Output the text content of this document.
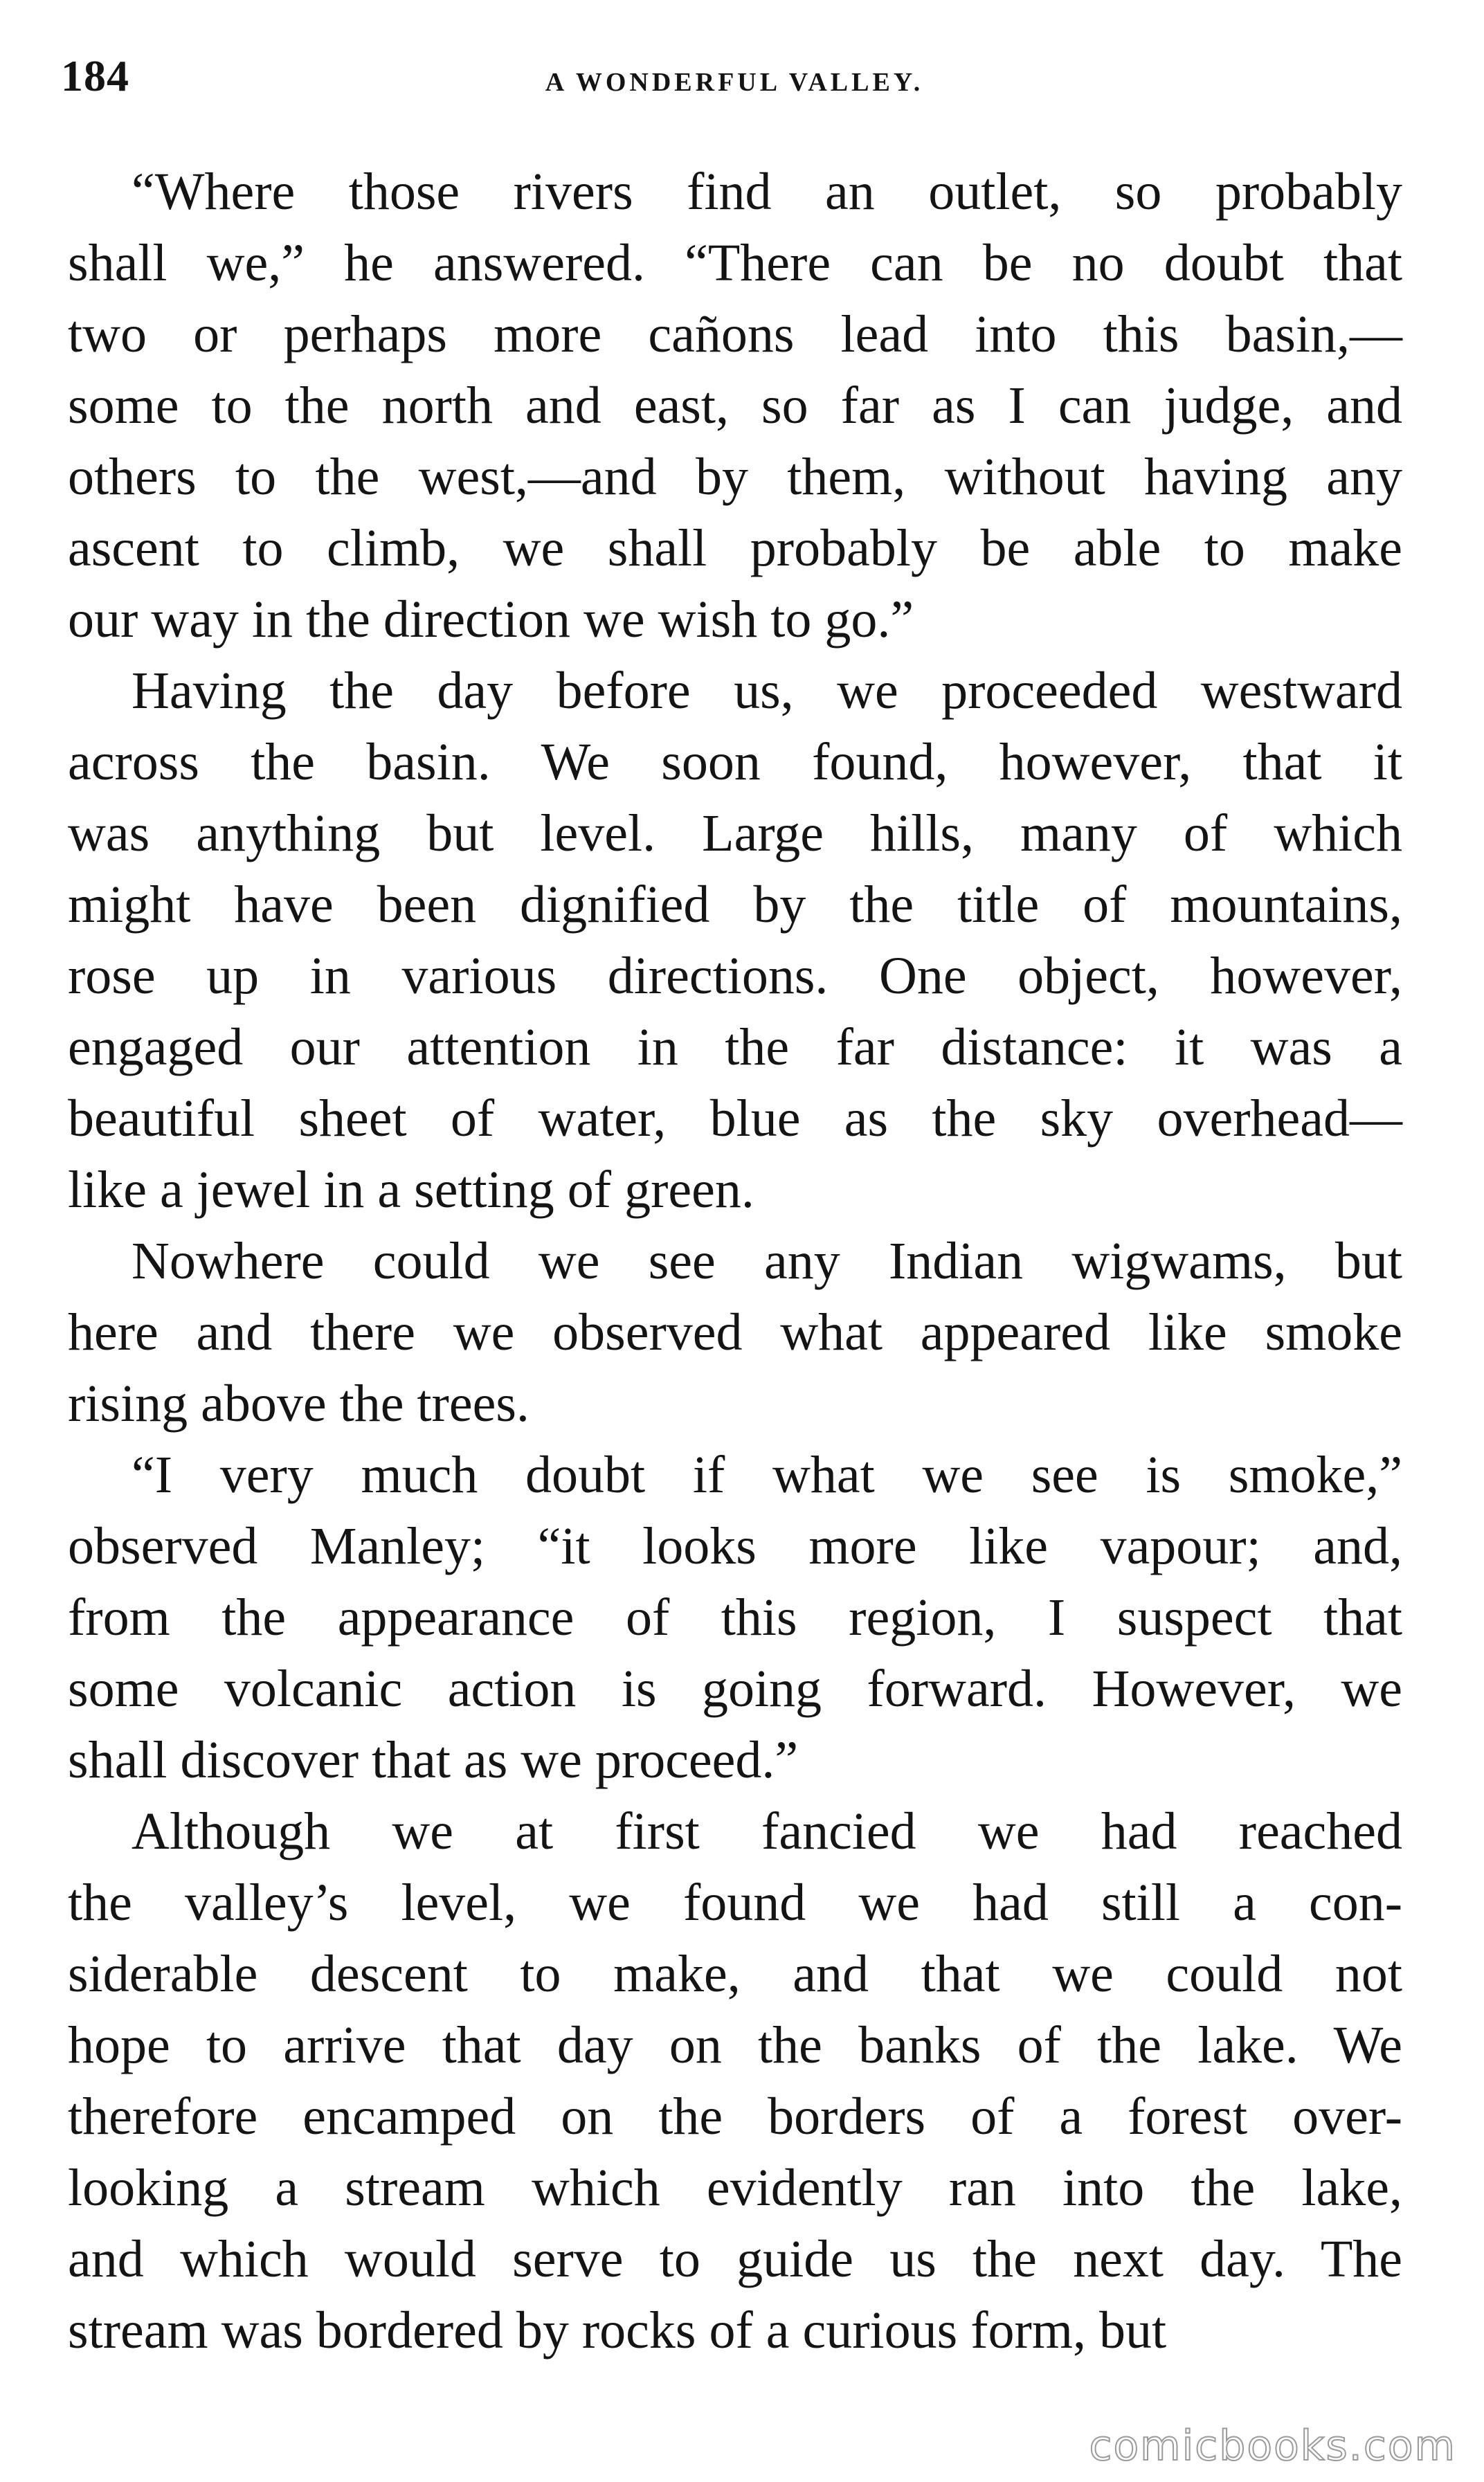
184	A WONDERFUL VALLEY.
“Where those rivers find an outlet, so probably
shall we,” he answered. “There can be no doubt that
two or perhaps more cañons lead into this basin,—
some to the north and east, so far as I can judge, and
others to the west,—and by them, without having any
ascent to climb, we shall probably be able to make
our way in the direction we wish to go.”
Having the day before us, we proceeded westward
across the basin. We soon found, however, that it
was anything but level. Large hills, many of which
might have been dignified by the title of mountains,
rose up in various directions. One object, however,
engaged our attention in the far distance: it was a
beautiful sheet of water, blue as the sky overhead—
like a jewel in a setting of green.
Nowhere could we see any Indian wigwams, but
here and there we observed what appeared like smoke
rising above the trees.
“I very much doubt if what we see is smoke,”
observed Manley; “it looks more like vapour; and,
from the appearance of this region, I suspect that
some volcanic action is going forward. However, we
shall discover that as we proceed.”
Although we at first fancied we had reached
the valley’s level, we found we had still a con-
siderable descent to make, and that we could not
hope to arrive that day on the banks of the lake. We
therefore encamped on the borders of a forest over-
looking a stream which evidently ran into the lake,
and which would serve to guide us the next day. The
stream was bordered by rocks of a curious form, but
comicbooks.com
